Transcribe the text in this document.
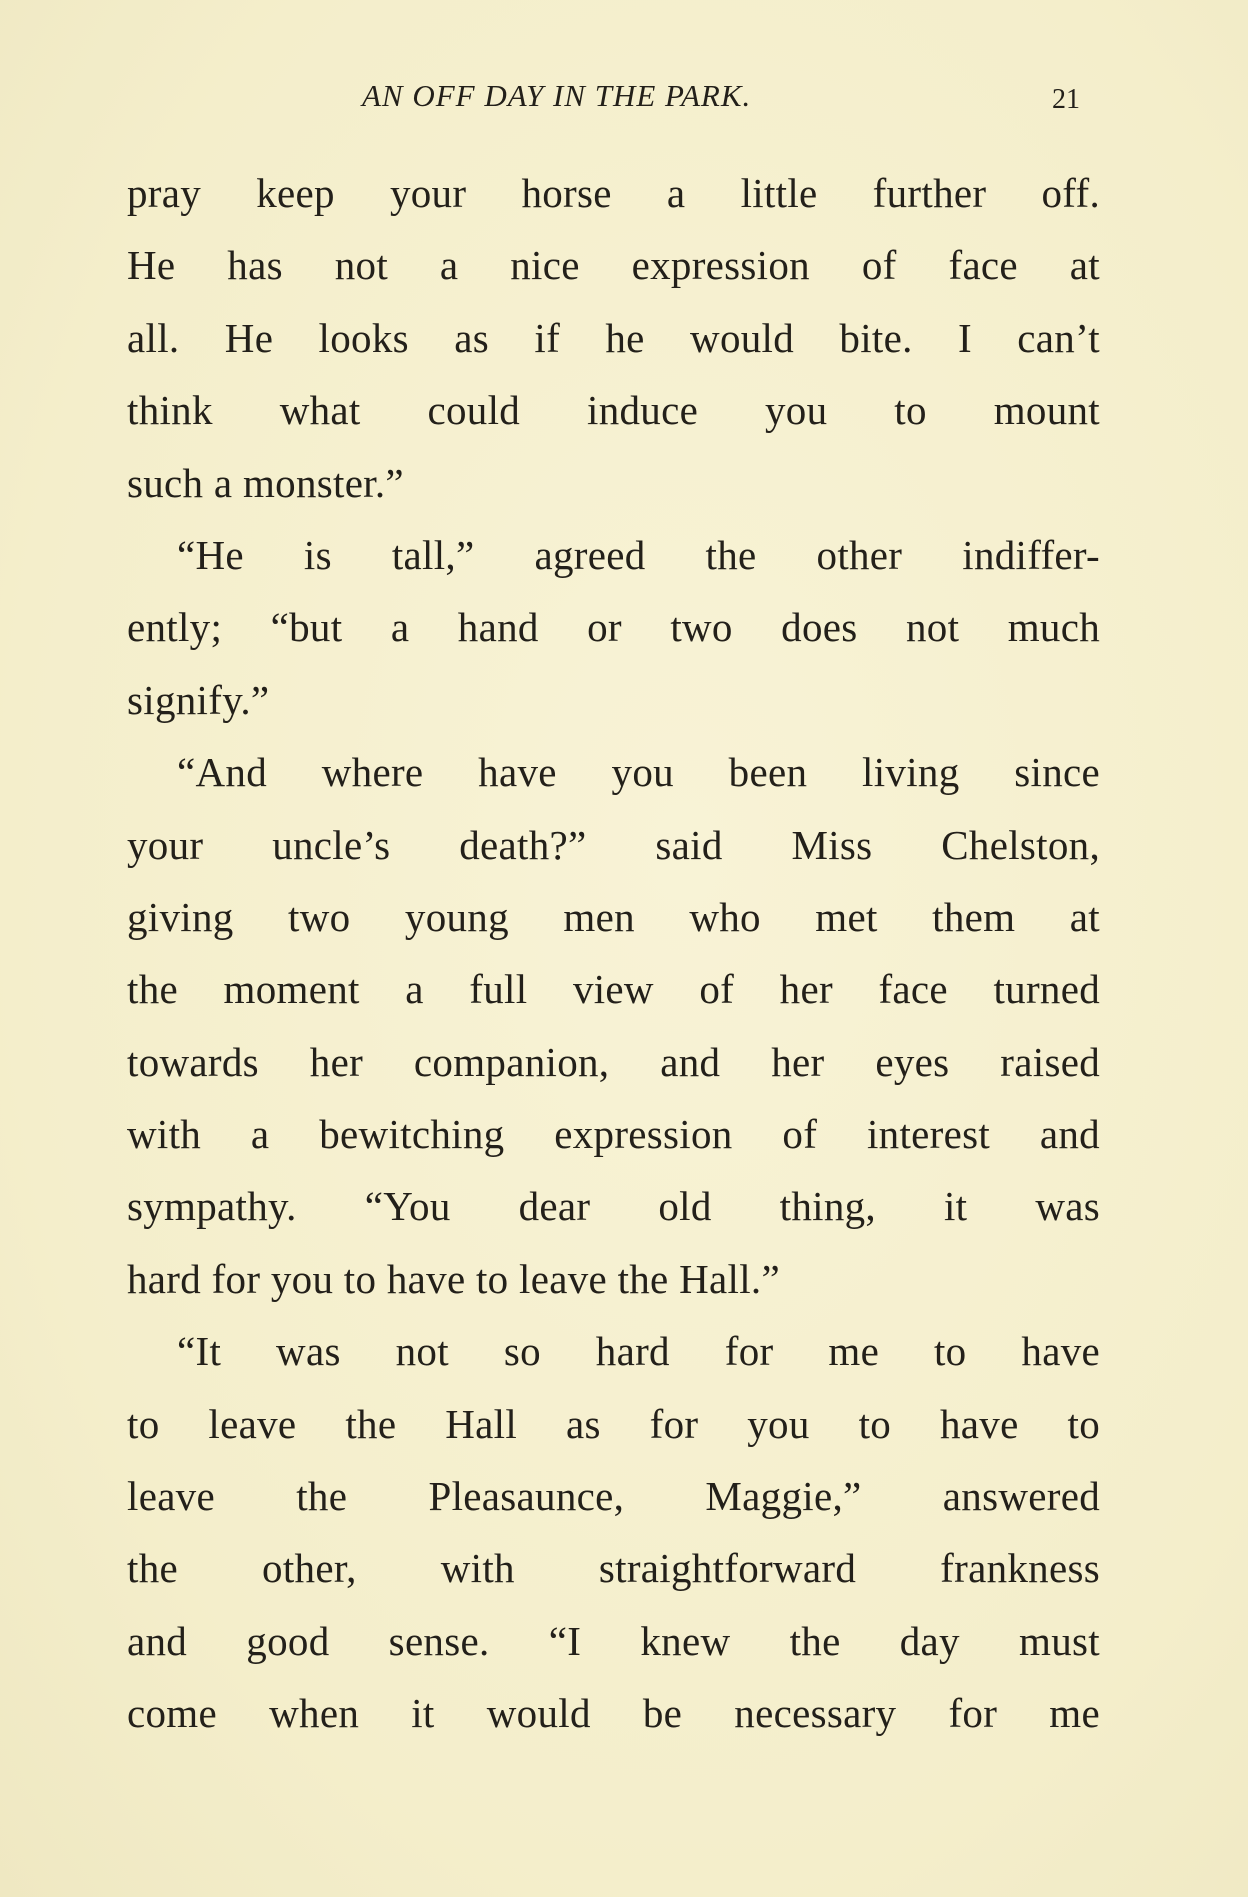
AN OFF DAY IN THE PARK.	21
pray keep your horse a little further off.
He has not a nice expression of face at
all. He looks as if he would bite. I can’t
think what could induce you to mount
such a monster.”
“He is tall,” agreed the other indiffer-
ently; “but a hand or two does not much
signify.”
“And where have you been living since
your uncle’s death?” said Miss Chelston,
giving two young men who met them at
the moment a full view of her face turned
towards her companion, and her eyes raised
with a bewitching expression of interest and
sympathy. “You dear old thing, it was
hard for you to have to leave the Hall.”
“It was not so hard for me to have
to leave the Hall as for you to have to
leave the Pleasaunce, Maggie,” answered
the other, with straightforward frankness
and good sense. “I knew the day must
come when it would be necessary for me
